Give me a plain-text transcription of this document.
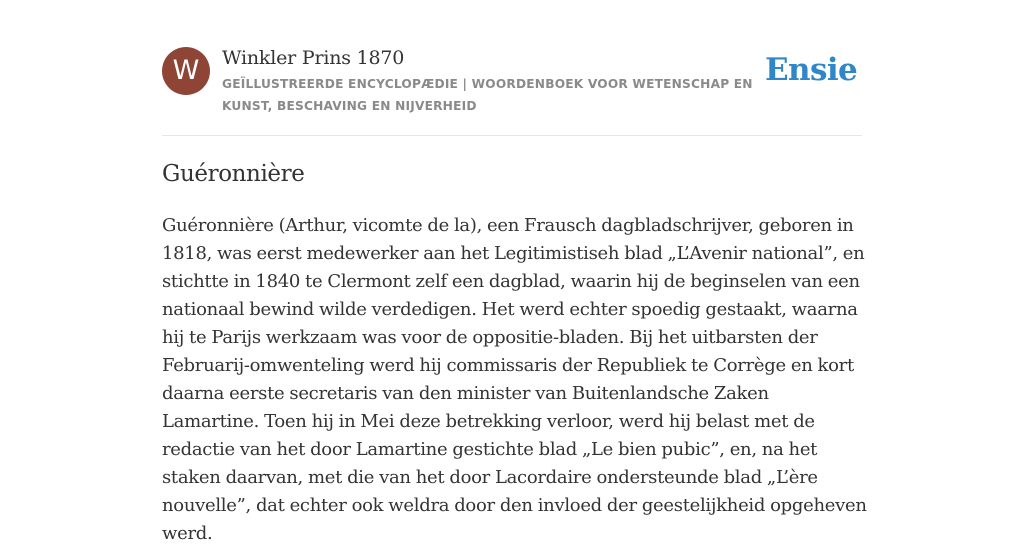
W	Winkler Prins 1870
GEÏLLUSTREERDE ENCYCLOPÆDIE | WOORDENBOEK VOOR WETENSCHAP EN KUNST, BESCHAVING EN NIJVERHEID
Ensie
Guéronnière

Guéronnière (Arthur, vicomte de la), een Frausch dagbladschrijver, geboren in 1818, was eerst medewerker aan het Legitimistiseh blad „L’Avenir national”, en stichtte in 1840 te Clermont zelf een dagblad, waarin hij de beginselen van een nationaal bewind wilde verdedigen. Het werd echter spoedig gestaakt, waarna hij te Parijs werkzaam was voor de oppositie-bladen. Bij het uitbarsten der Februarij-omwenteling werd hij commissaris der Republiek te Corrège en kort daarna eerste secretaris van den minister van Buitenlandsche Zaken Lamartine. Toen hij in Mei deze betrekking verloor, werd hij belast met de redactie van het door Lamartine gestichte blad „Le bien pubic”, en, na het staken daarvan, met die van het door Lacordaire ondersteunde blad „L’ère nouvelle”, dat echter ook weldra door den invloed der geestelijkheid opgeheven werd.
